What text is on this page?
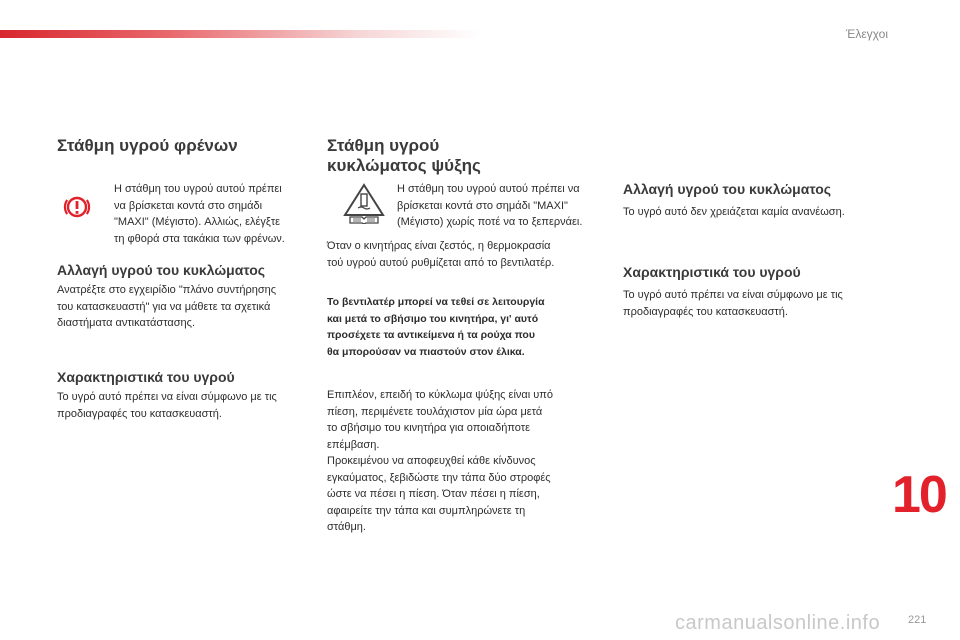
Έλεγχοι
Στάθμη υγρού φρένων

Η στάθμη του υγρού αυτού πρέπει
να βρίσκεται κοντά στο σημάδι
"MAXI" (Μέγιστο). Αλλιώς, ελέγξτε
τη φθορά στα τακάκια των φρένων.

Αλλαγή υγρού του κυκλώματος

Ανατρέξτε στο εγχειρίδιο "πλάνο συντήρησης
του κατασκευαστή" για να μάθετε τα σχετικά
διαστήματα αντικατάστασης.

Χαρακτηριστικά του υγρού

Το υγρό αυτό πρέπει να είναι σύμφωνο με τις
προδιαγραφές του κατασκευαστή.

Στάθμη υγρού
κυκλώματος ψύξης

Η στάθμη του υγρού αυτού πρέπει να
βρίσκεται κοντά στο σημάδι "MAXI"
(Μέγιστο) χωρίς ποτέ να το ξεπερνάει.

Όταν ο κινητήρας είναι ζεστός, η θερμοκρασία
τού υγρού αυτού ρυθμίζεται από το βεντιλατέρ.

Το βεντιλατέρ μπορεί να τεθεί σε λειτουργία
και μετά το σβήσιμο του κινητήρα, γι' αυτό
προσέχετε τα αντικείμενα ή τα ρούχα που
θα μπορούσαν να πιαστούν στον έλικα.

Επιπλέον, επειδή το κύκλωμα ψύξης είναι υπό
πίεση, περιμένετε τουλάχιστον μία ώρα μετά
το σβήσιμο του κινητήρα για οποιαδήποτε
επέμβαση.
Προκειμένου να αποφευχθεί κάθε κίνδυνος
εγκαύματος, ξεβιδώστε την τάπα δύο στροφές
ώστε να πέσει η πίεση. Όταν πέσει η πίεση,
αφαιρείτε την τάπα και συμπληρώνετε τη
στάθμη.

Αλλαγή υγρού του κυκλώματος

Το υγρό αυτό δεν χρειάζεται καμία ανανέωση.

Χαρακτηριστικά του υγρού

Το υγρό αυτό πρέπει να είναι σύμφωνο με τις
προδιαγραφές του κατασκευαστή.

10
carmanualsonline.info	221
